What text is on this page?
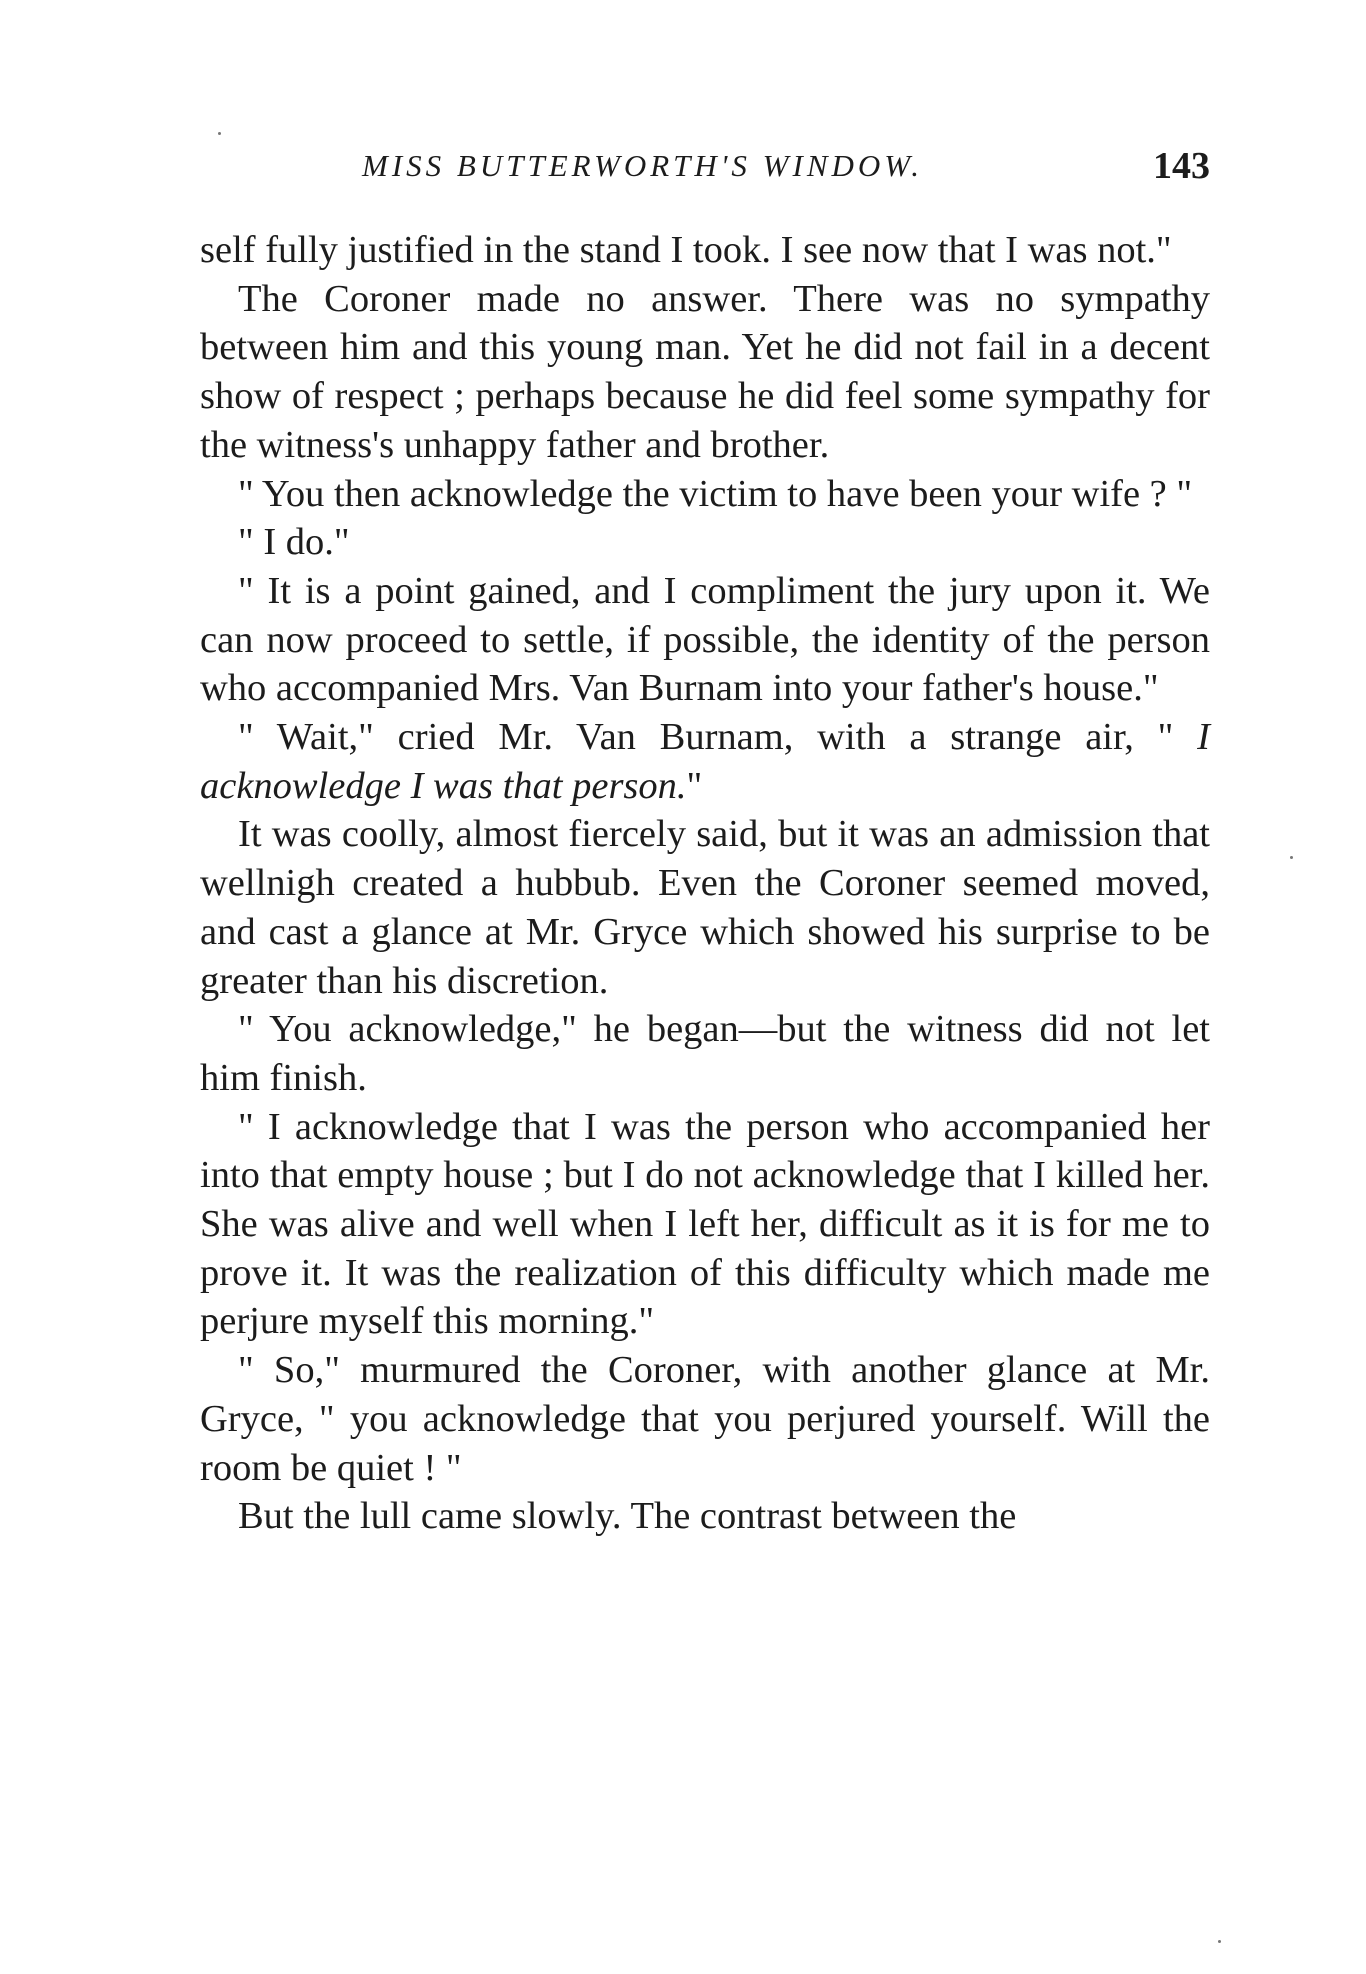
MISS BUTTERWORTH'S WINDOW.	143

self fully justified in the stand I took. I see now that I was not."

The Coroner made no answer. There was no sympathy between him and this young man. Yet he did not fail in a decent show of respect ; perhaps because he did feel some sympathy for the witness's unhappy father and brother.

" You then acknowledge the victim to have been your wife ? "

" I do."

" It is a point gained, and I compliment the jury upon it. We can now proceed to settle, if possible, the identity of the person who accompanied Mrs. Van Burnam into your father's house."

" Wait," cried Mr. Van Burnam, with a strange air, " I acknowledge I was that person."

It was coolly, almost fiercely said, but it was an admission that wellnigh created a hubbub. Even the Coroner seemed moved, and cast a glance at Mr. Gryce which showed his surprise to be greater than his discretion.

" You acknowledge," he began—but the witness did not let him finish.

" I acknowledge that I was the person who accompanied her into that empty house ; but I do not acknowledge that I killed her. She was alive and well when I left her, difficult as it is for me to prove it. It was the realization of this difficulty which made me perjure myself this morning."

" So," murmured the Coroner, with another glance at Mr. Gryce, " you acknowledge that you perjured yourself. Will the room be quiet ! "

But the lull came slowly. The contrast between the
